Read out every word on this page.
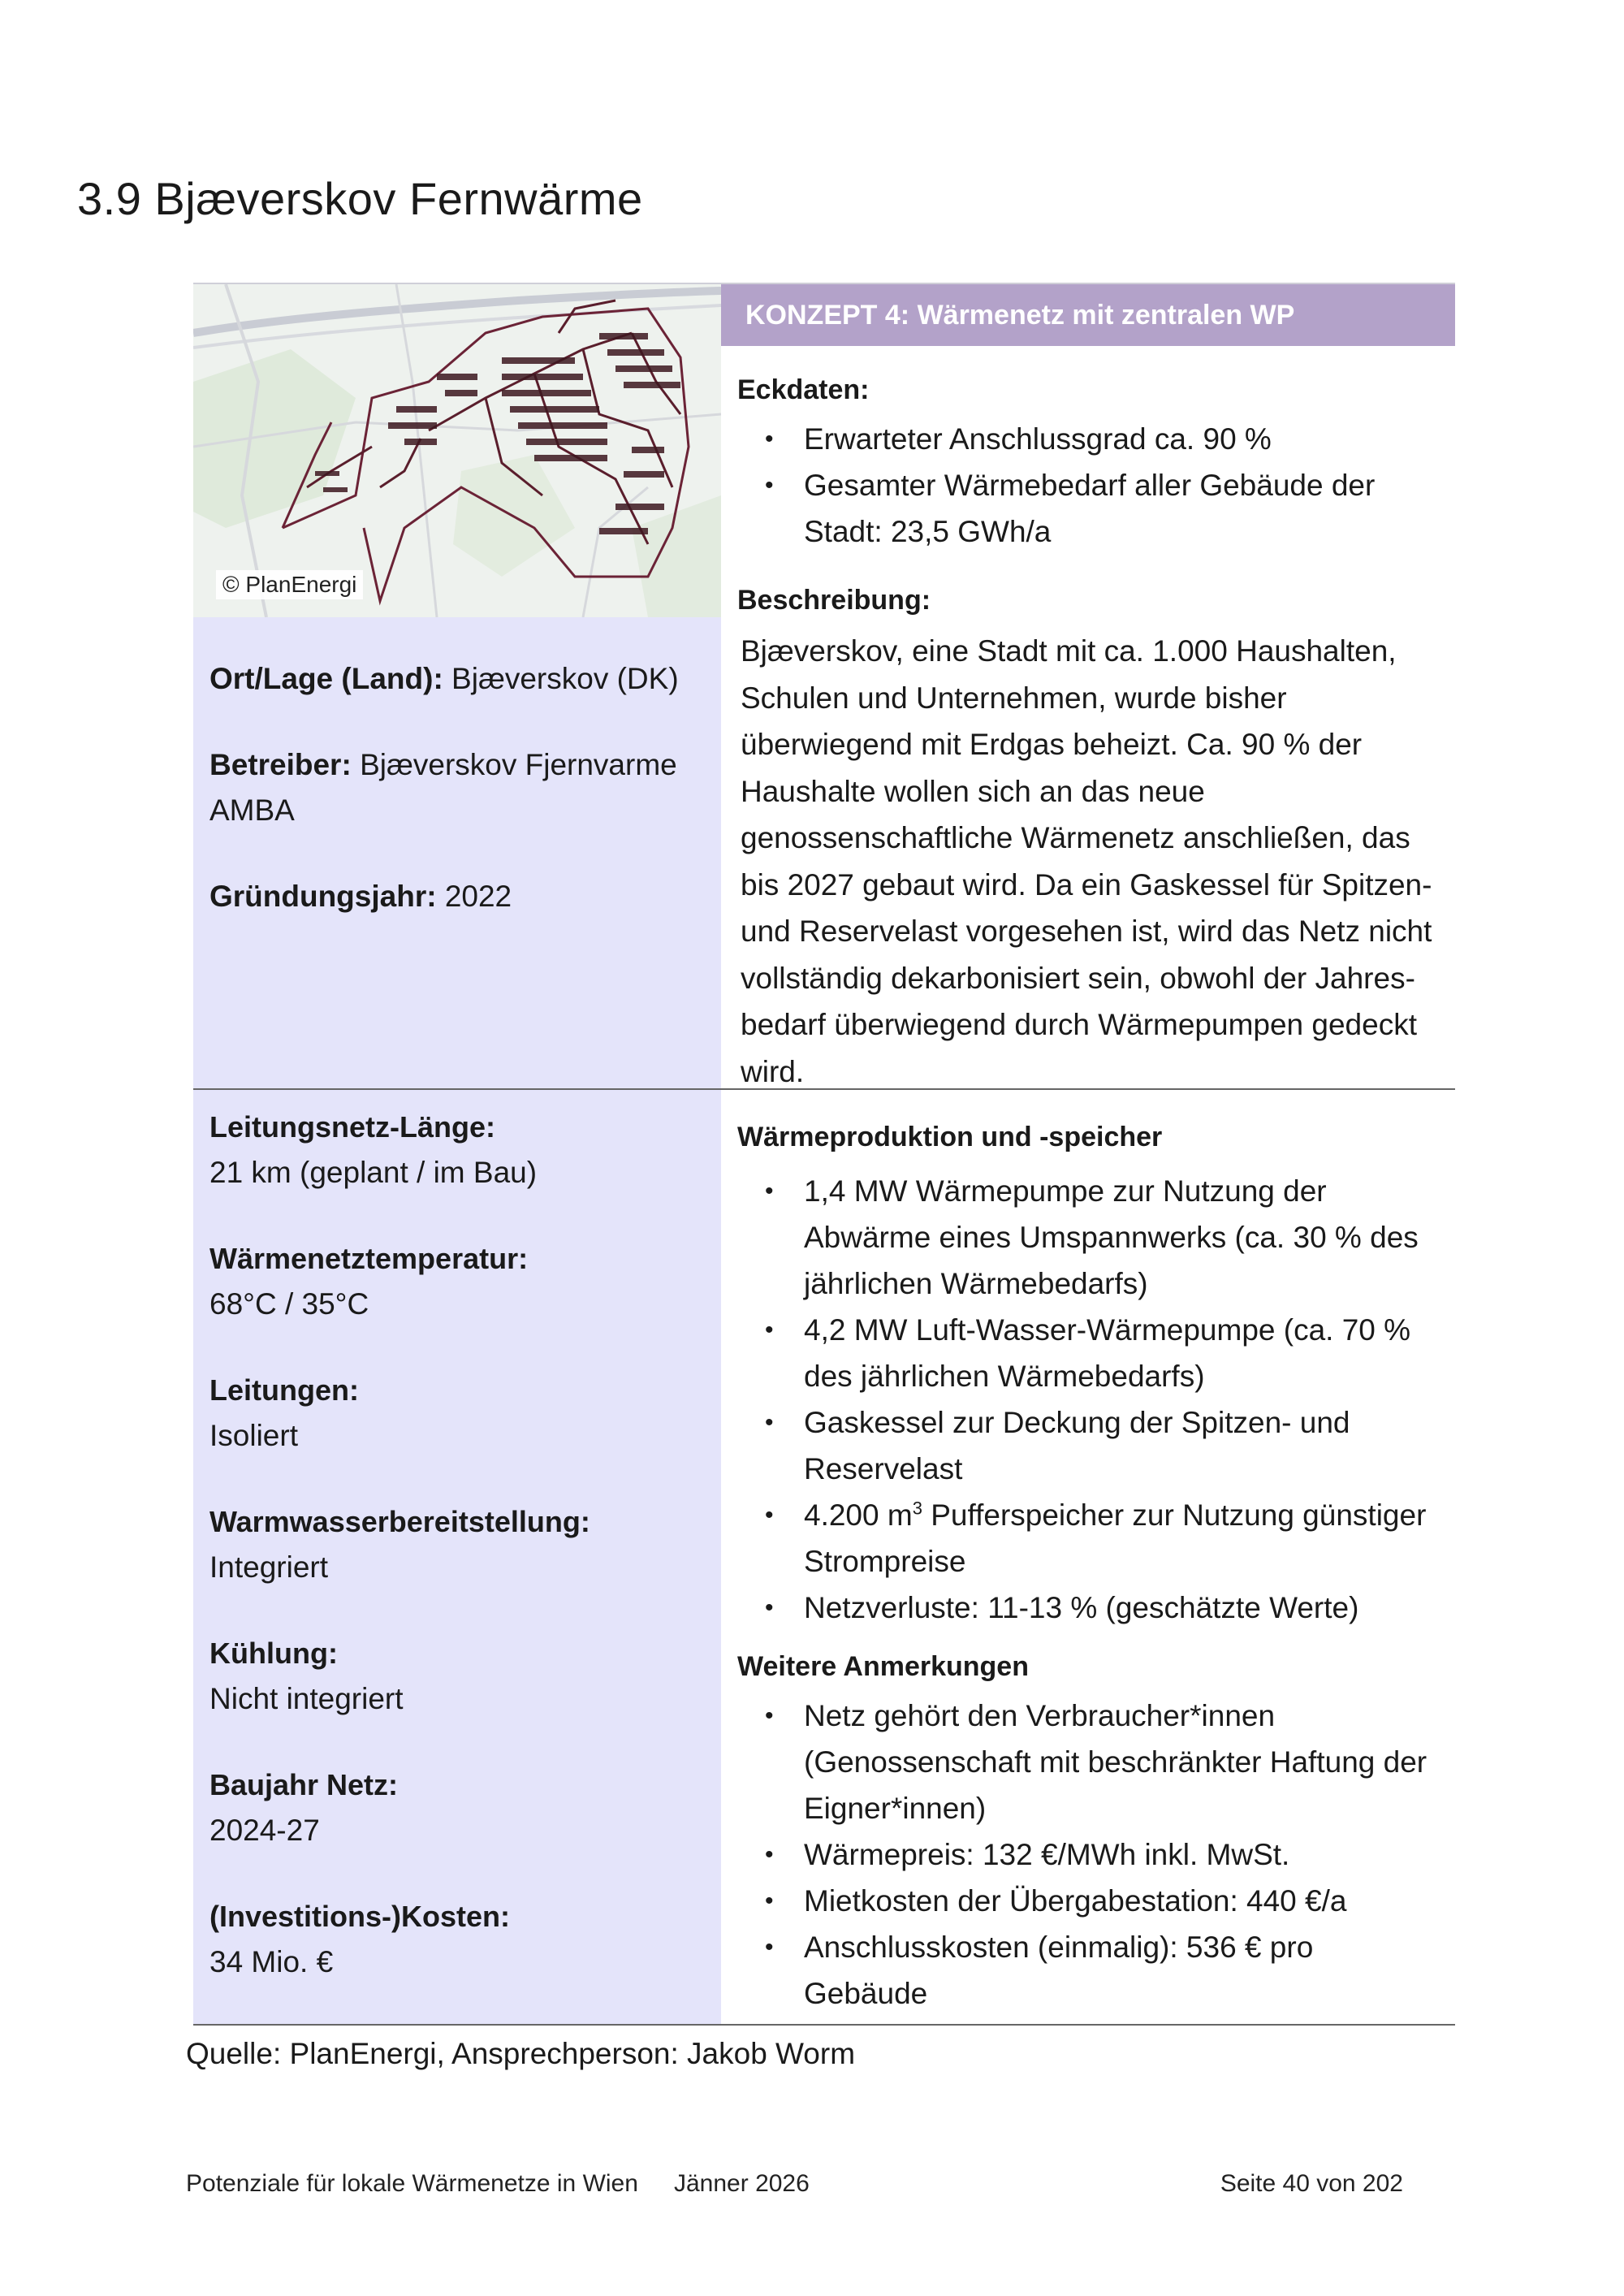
3.9 Bjæverskov Fernwärme
© PlanEnergi
Ort/Lage (Land): Bjæverskov (DK)
Betreiber: Bjæverskov Fjernvarme AMBA
Gründungsjahr: 2022
KONZEPT 4: Wärmenetz mit zentralen WP
Eckdaten:
• Erwarteter Anschlussgrad ca. 90 %
• Gesamter Wärmebedarf aller Gebäude der Stadt: 23,5 GWh/a
Beschreibung:
Bjæverskov, eine Stadt mit ca. 1.000 Haushalten, Schulen und Unternehmen, wurde bisher überwiegend mit Erdgas beheizt. Ca. 90 % der Haushalte wollen sich an das neue genossenschaftliche Wärmenetz anschließen, das bis 2027 gebaut wird. Da ein Gaskessel für Spitzen- und Reservelast vorgesehen ist, wird das Netz nicht vollständig dekarbonisiert sein, obwohl der Jahres-bedarf überwiegend durch Wärmepumpen gedeckt wird.
Leitungsnetz-Länge:
21 km (geplant / im Bau)
Wärmenetztemperatur:
68°C / 35°C
Leitungen:
Isoliert
Warmwasserbereitstellung:
Integriert
Kühlung:
Nicht integriert
Baujahr Netz:
2024-27
(Investitions-)Kosten:
34 Mio. €
Wärmeproduktion und -speicher
• 1,4 MW Wärmepumpe zur Nutzung der Abwärme eines Umspannwerks (ca. 30 % des jährlichen Wärmebedarfs)
• 4,2 MW Luft-Wasser-Wärmepumpe (ca. 70 % des jährlichen Wärmebedarfs)
• Gaskessel zur Deckung der Spitzen- und Reservelast
• 4.200 $m^3$ Pufferspeicher zur Nutzung günstiger Strompreise
• Netzverluste: 11-13 % (geschätzte Werte)
Weitere Anmerkungen
• Netz gehört den Verbraucher*innen (Genossenschaft mit beschränkter Haftung der Eigner*innen)
• Wärmepreis: 132 €/MWh inkl. MwSt.
• Mietkosten der Übergabestation: 440 €/a
• Anschlusskosten (einmalig): 536 € pro Gebäude
Quelle: PlanEnergi, Ansprechperson: Jakob Worm
Potenziale für lokale Wärmenetze in Wien Jänner 2026	Seite 40 von 202
